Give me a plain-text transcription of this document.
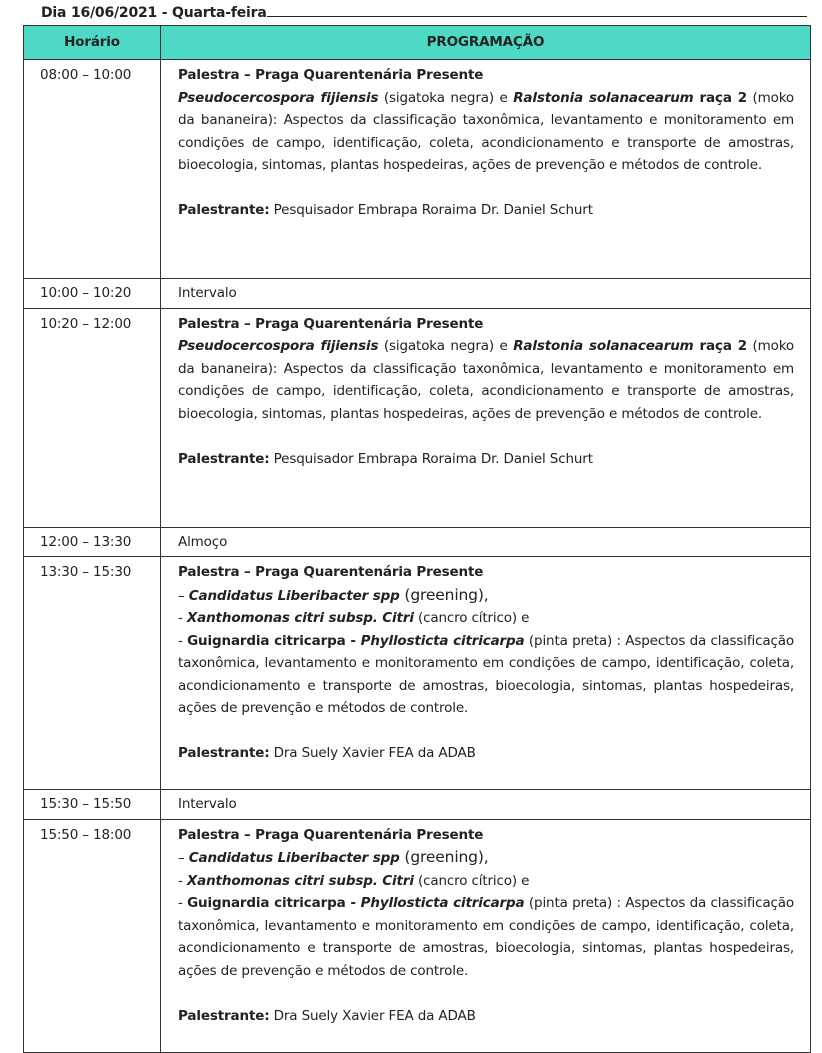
Dia 16/06/2021 - Quarta-feira
Horário	PROGRAMAÇÃO
08:00 – 10:00	Palestra – Praga Quarentenária Presente

Pseudocercospora fijiensis (sigatoka negra) e Ralstonia solanacearum raça 2 (moko da bananeira): Aspectos da classificação taxonômica, levantamento e monitoramento em condições de campo, identificação, coleta, acondicionamento e transporte de amostras, bioecologia, sintomas, plantas hospedeiras, ações de prevenção e métodos de controle.

Palestrante: Pesquisador Embrapa Roraima Dr. Daniel Schurt

10:00 – 10:20	Intervalo
10:20 – 12:00	Palestra – Praga Quarentenária Presente

Pseudocercospora fijiensis (sigatoka negra) e Ralstonia solanacearum raça 2 (moko da bananeira): Aspectos da classificação taxonômica, levantamento e monitoramento em condições de campo, identificação, coleta, acondicionamento e transporte de amostras, bioecologia, sintomas, plantas hospedeiras, ações de prevenção e métodos de controle.

Palestrante: Pesquisador Embrapa Roraima Dr. Daniel Schurt

12:00 – 13:30	Almoço
13:30 – 15:30	Palestra – Praga Quarentenária Presente

– Candidatus Liberibacter spp (greening),

- Xanthomonas citri subsp. Citri (cancro cítrico) e

- Guignardia citricarpa - Phyllosticta citricarpa (pinta preta) : Aspectos da classificação taxonômica, levantamento e monitoramento em condições de campo, identificação, coleta, acondicionamento e transporte de amostras, bioecologia, sintomas, plantas hospedeiras, ações de prevenção e métodos de controle.

Palestrante: Dra Suely Xavier FEA da ADAB

15:30 – 15:50	Intervalo
15:50 – 18:00	Palestra – Praga Quarentenária Presente

– Candidatus Liberibacter spp (greening),

- Xanthomonas citri subsp. Citri (cancro cítrico) e

- Guignardia citricarpa - Phyllosticta citricarpa (pinta preta) : Aspectos da classificação taxonômica, levantamento e monitoramento em condições de campo, identificação, coleta, acondicionamento e transporte de amostras, bioecologia, sintomas, plantas hospedeiras, ações de prevenção e métodos de controle.

Palestrante: Dra Suely Xavier FEA da ADAB
